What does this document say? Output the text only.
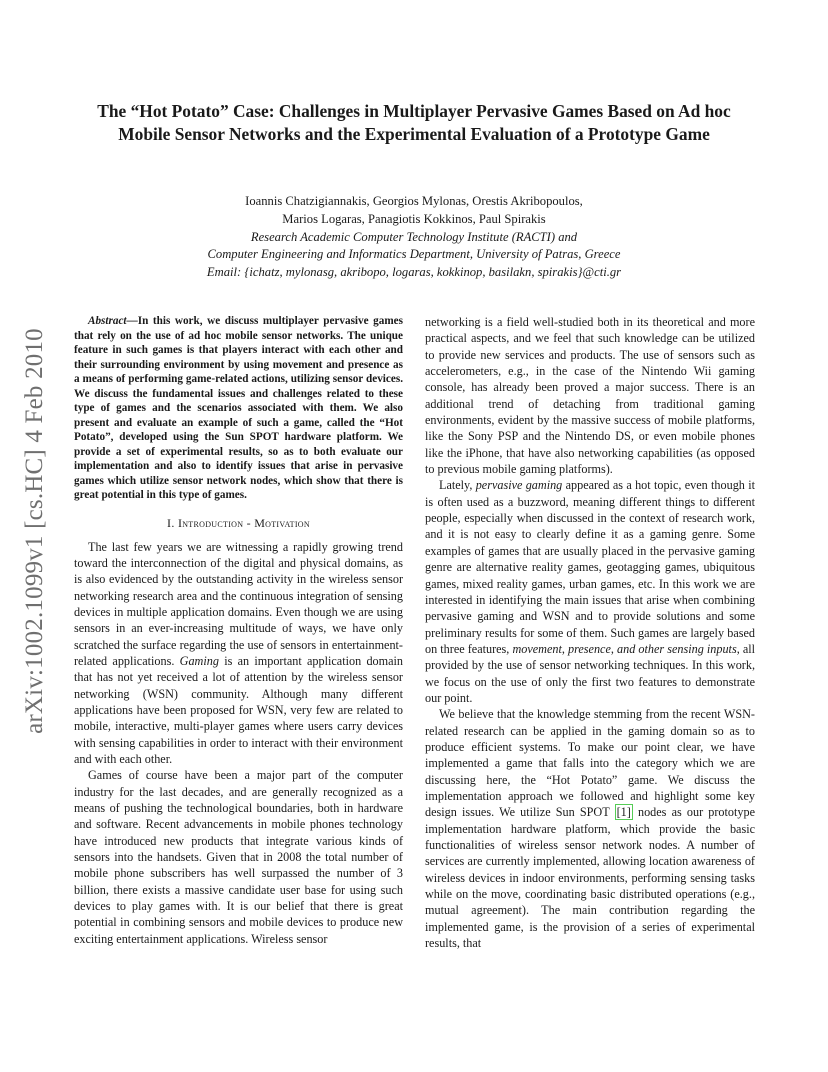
arXiv:1002.1099v1 [cs.HC] 4 Feb 2010
The “Hot Potato” Case: Challenges in Multiplayer Pervasive Games Based on Ad hoc Mobile Sensor Networks and the Experimental Evaluation of a Prototype Game
Ioannis Chatzigiannakis, Georgios Mylonas, Orestis Akribopoulos,
Marios Logaras, Panagiotis Kokkinos, Paul Spirakis
Research Academic Computer Technology Institute (RACTI) and
Computer Engineering and Informatics Department, University of Patras, Greece
Email: {ichatz, mylonasg, akribopo, logaras, kokkinop, basilakn, spirakis}@cti.gr

Abstract—In this work, we discuss multiplayer pervasive games that rely on the use of ad hoc mobile sensor networks. The unique feature in such games is that players interact with each other and their surrounding environment by using movement and presence as a means of performing game-related actions, utilizing sensor devices. We discuss the fundamental issues and challenges related to these type of games and the scenarios associated with them. We also present and evaluate an example of such a game, called the “Hot Potato”, developed using the Sun SPOT hardware platform. We provide a set of experimental results, so as to both evaluate our implementation and also to identify issues that arise in pervasive games which utilize sensor network nodes, which show that there is great potential in this type of games.

I. Introduction - Motivation

The last few years we are witnessing a rapidly growing trend toward the interconnection of the digital and physical domains, as is also evidenced by the outstanding activity in the wireless sensor networking research area and the continuous integration of sensing devices in multiple application domains. Even though we are using sensors in an ever-increasing multitude of ways, we have only scratched the surface regarding the use of sensors in entertainment-related applications. Gaming is an important application domain that has not yet received a lot of attention by the wireless sensor networking (WSN) community. Although many different applications have been proposed for WSN, very few are related to mobile, interactive, multi-player games where users carry devices with sensing capabilities in order to interact with their environment and with each other.

Games of course have been a major part of the computer industry for the last decades, and are generally recognized as a means of pushing the technological boundaries, both in hardware and software. Recent advancements in mobile phones technology have introduced new products that integrate various kinds of sensors into the handsets. Given that in 2008 the total number of mobile phone subscribers has well surpassed the number of 3 billion, there exists a massive candidate user base for using such devices to play games with. It is our belief that there is great potential in combining sensors and mobile devices to produce new exciting entertainment applications. Wireless sensor

networking is a field well-studied both in its theoretical and more practical aspects, and we feel that such knowledge can be utilized to provide new services and products. The use of sensors such as accelerometers, e.g., in the case of the Nintendo Wii gaming console, has already been proved a major success. There is an additional trend of detaching from traditional gaming environments, evident by the massive success of mobile platforms, like the Sony PSP and the Nintendo DS, or even mobile phones like the iPhone, that have also networking capabilities (as opposed to previous mobile gaming platforms).

Lately, pervasive gaming appeared as a hot topic, even though it is often used as a buzzword, meaning different things to different people, especially when discussed in the context of research work, and it is not easy to clearly define it as a gaming genre. Some examples of games that are usually placed in the pervasive gaming genre are alternative reality games, geotagging games, ubiquitous games, mixed reality games, urban games, etc. In this work we are interested in identifying the main issues that arise when combining pervasive gaming and WSN and to provide solutions and some preliminary results for some of them. Such games are largely based on three features, movement, presence, and other sensing inputs, all provided by the use of sensor networking techniques. In this work, we focus on the use of only the first two features to demonstrate our point.

We believe that the knowledge stemming from the recent WSN-related research can be applied in the gaming domain so as to produce efficient systems. To make our point clear, we have implemented a game that falls into the category which we are discussing here, the “Hot Potato” game. We discuss the implementation approach we followed and highlight some key design issues. We utilize Sun SPOT [1] nodes as our prototype implementation hardware platform, which provide the basic functionalities of wireless sensor network nodes. A number of services are currently implemented, allowing location awareness of wireless devices in indoor environments, performing sensing tasks while on the move, coordinating basic distributed operations (e.g., mutual agreement). The main contribution regarding the implemented game, is the provision of a series of experimental results, that
